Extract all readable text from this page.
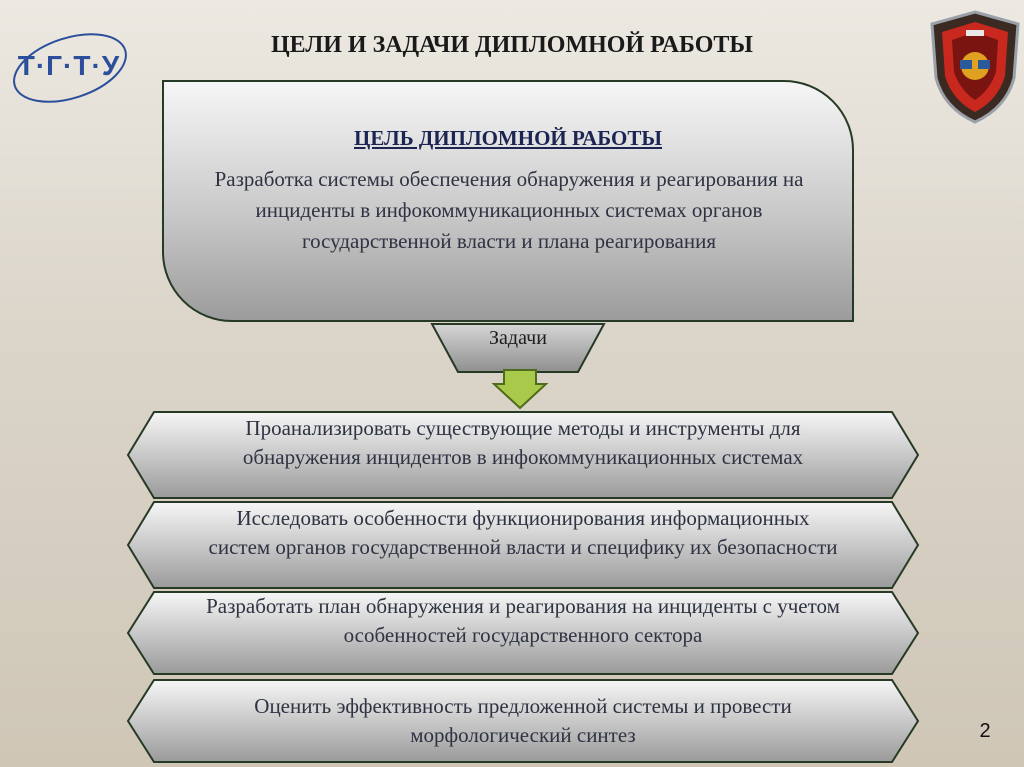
Т·Г·Т·У
ЦЕЛИ И ЗАДАЧИ ДИПЛОМНОЙ РАБОТЫ
ЦЕЛЬ ДИПЛОМНОЙ РАБОТЫ
Разработка системы обеспечения обнаружения и реагирования на инциденты в инфокоммуникационных системах органов государственной власти и плана реагирования
Задачи
Проанализировать существующие методы и инструменты для обнаружения инцидентов в инфокоммуникационных системах
Исследовать особенности функционирования информационных систем органов государственной власти и специфику их безопасности
Разработать план обнаружения и реагирования на инциденты с учетом особенностей государственного сектора
Оценить эффективность предложенной системы и провести морфологический синтез	2
